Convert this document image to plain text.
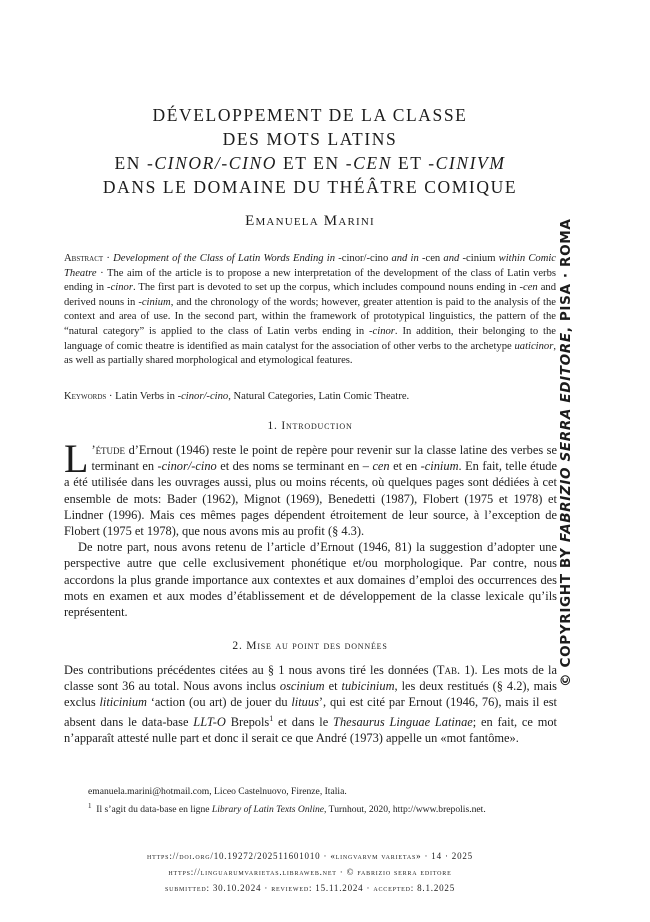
DÉVELOPPEMENT DE LA CLASSE
DES MOTS LATINS
EN -CINOR/-CINO ET EN -CEN ET -CINIVM
DANS LE DOMAINE DU THÉÂTRE COMIQUE
Emanuela Marini

Abstract · Development of the Class of Latin Words Ending in -cinor/-cino and in -cen and -cinium within Comic Theatre · The aim of the article is to propose a new interpretation of the development of the class of Latin verbs ending in -cinor. The first part is devoted to set up the corpus, which includes compound nouns ending in -cen and derived nouns in -cinium, and the chronology of the words; however, greater attention is paid to the analysis of the context and area of use. In the second part, within the framework of prototypical linguistics, the pattern of the “natural category” is applied to the class of Latin verbs ending in -cinor. In addition, their belonging to the language of comic theatre is identified as main catalyst for the association of other verbs to the archetype uaticinor, as well as partially shared morphological and etymological features.

Keywords · Latin Verbs in -cinor/-cino, Natural Categories, Latin Comic Theatre.
1. Introduction

L ’étude d’Ernout (1946) reste le point de repère pour revenir sur la classe latine des verbes se terminant en -cinor/-cino et des noms se terminant en – cen et en -cinium. En fait, telle étude a été utilisée dans les ouvrages aussi, plus ou moins récents, où quelques pages sont dédiées à cet ensemble de mots: Bader (1962), Mignot (1969), Benedetti (1987), Flobert (1975 et 1978) et Lindner (1996). Mais ces mêmes pages dépendent étroitement de leur source, à l’exception de Flobert (1975 et 1978), que nous avons mis au profit (§ 4.3).

De notre part, nous avons retenu de l’article d’Ernout (1946, 81) la suggestion d’adopter une perspective autre que celle exclusivement phonétique et/ou morphologique. Par contre, nous accordons la plus grande importance aux contextes et aux domaines d’emploi des occurrences des mots en examen et aux modes d’établissement et de développement de la classe lexicale qu’ils représentent.

2. Mise au point des données

Des contributions précédentes citées au § 1 nous avons tiré les données (Tab. 1). Les mots de la classe sont 36 au total. Nous avons inclus oscinium et tubicinium, les deux restitués (§ 4.2), mais exclus liticinium ‘action (ou art) de jouer du lituus’, qui est cité par Ernout (1946, 76), mais il est absent dans le data-base LLT-O Brepols$^1$ et dans le Thesaurus Linguae Latinae; en fait, ce mot n’apparaît attesté nulle part et donc il serait ce que André (1973) appelle un «mot fantôme».

emanuela.marini@hotmail.com, Liceo Castelnuovo, Firenze, Italia.

$^1$ Il s’agit du data-base en ligne Library of Latin Texts Online, Turnhout, 2020, http://www.brepolis.net.

https://doi.org/10.19272/202511601010 · «lingvarvm varietas» · 14 · 2025
https://linguarumvarietas.libraweb.net · © fabrizio serra editore
submitted: 30.10.2024 · reviewed: 15.11.2024 · accepted: 8.1.2025
© COPYRIGHT BY FABRIZIO SERRA EDITORE, PISA · ROMA
